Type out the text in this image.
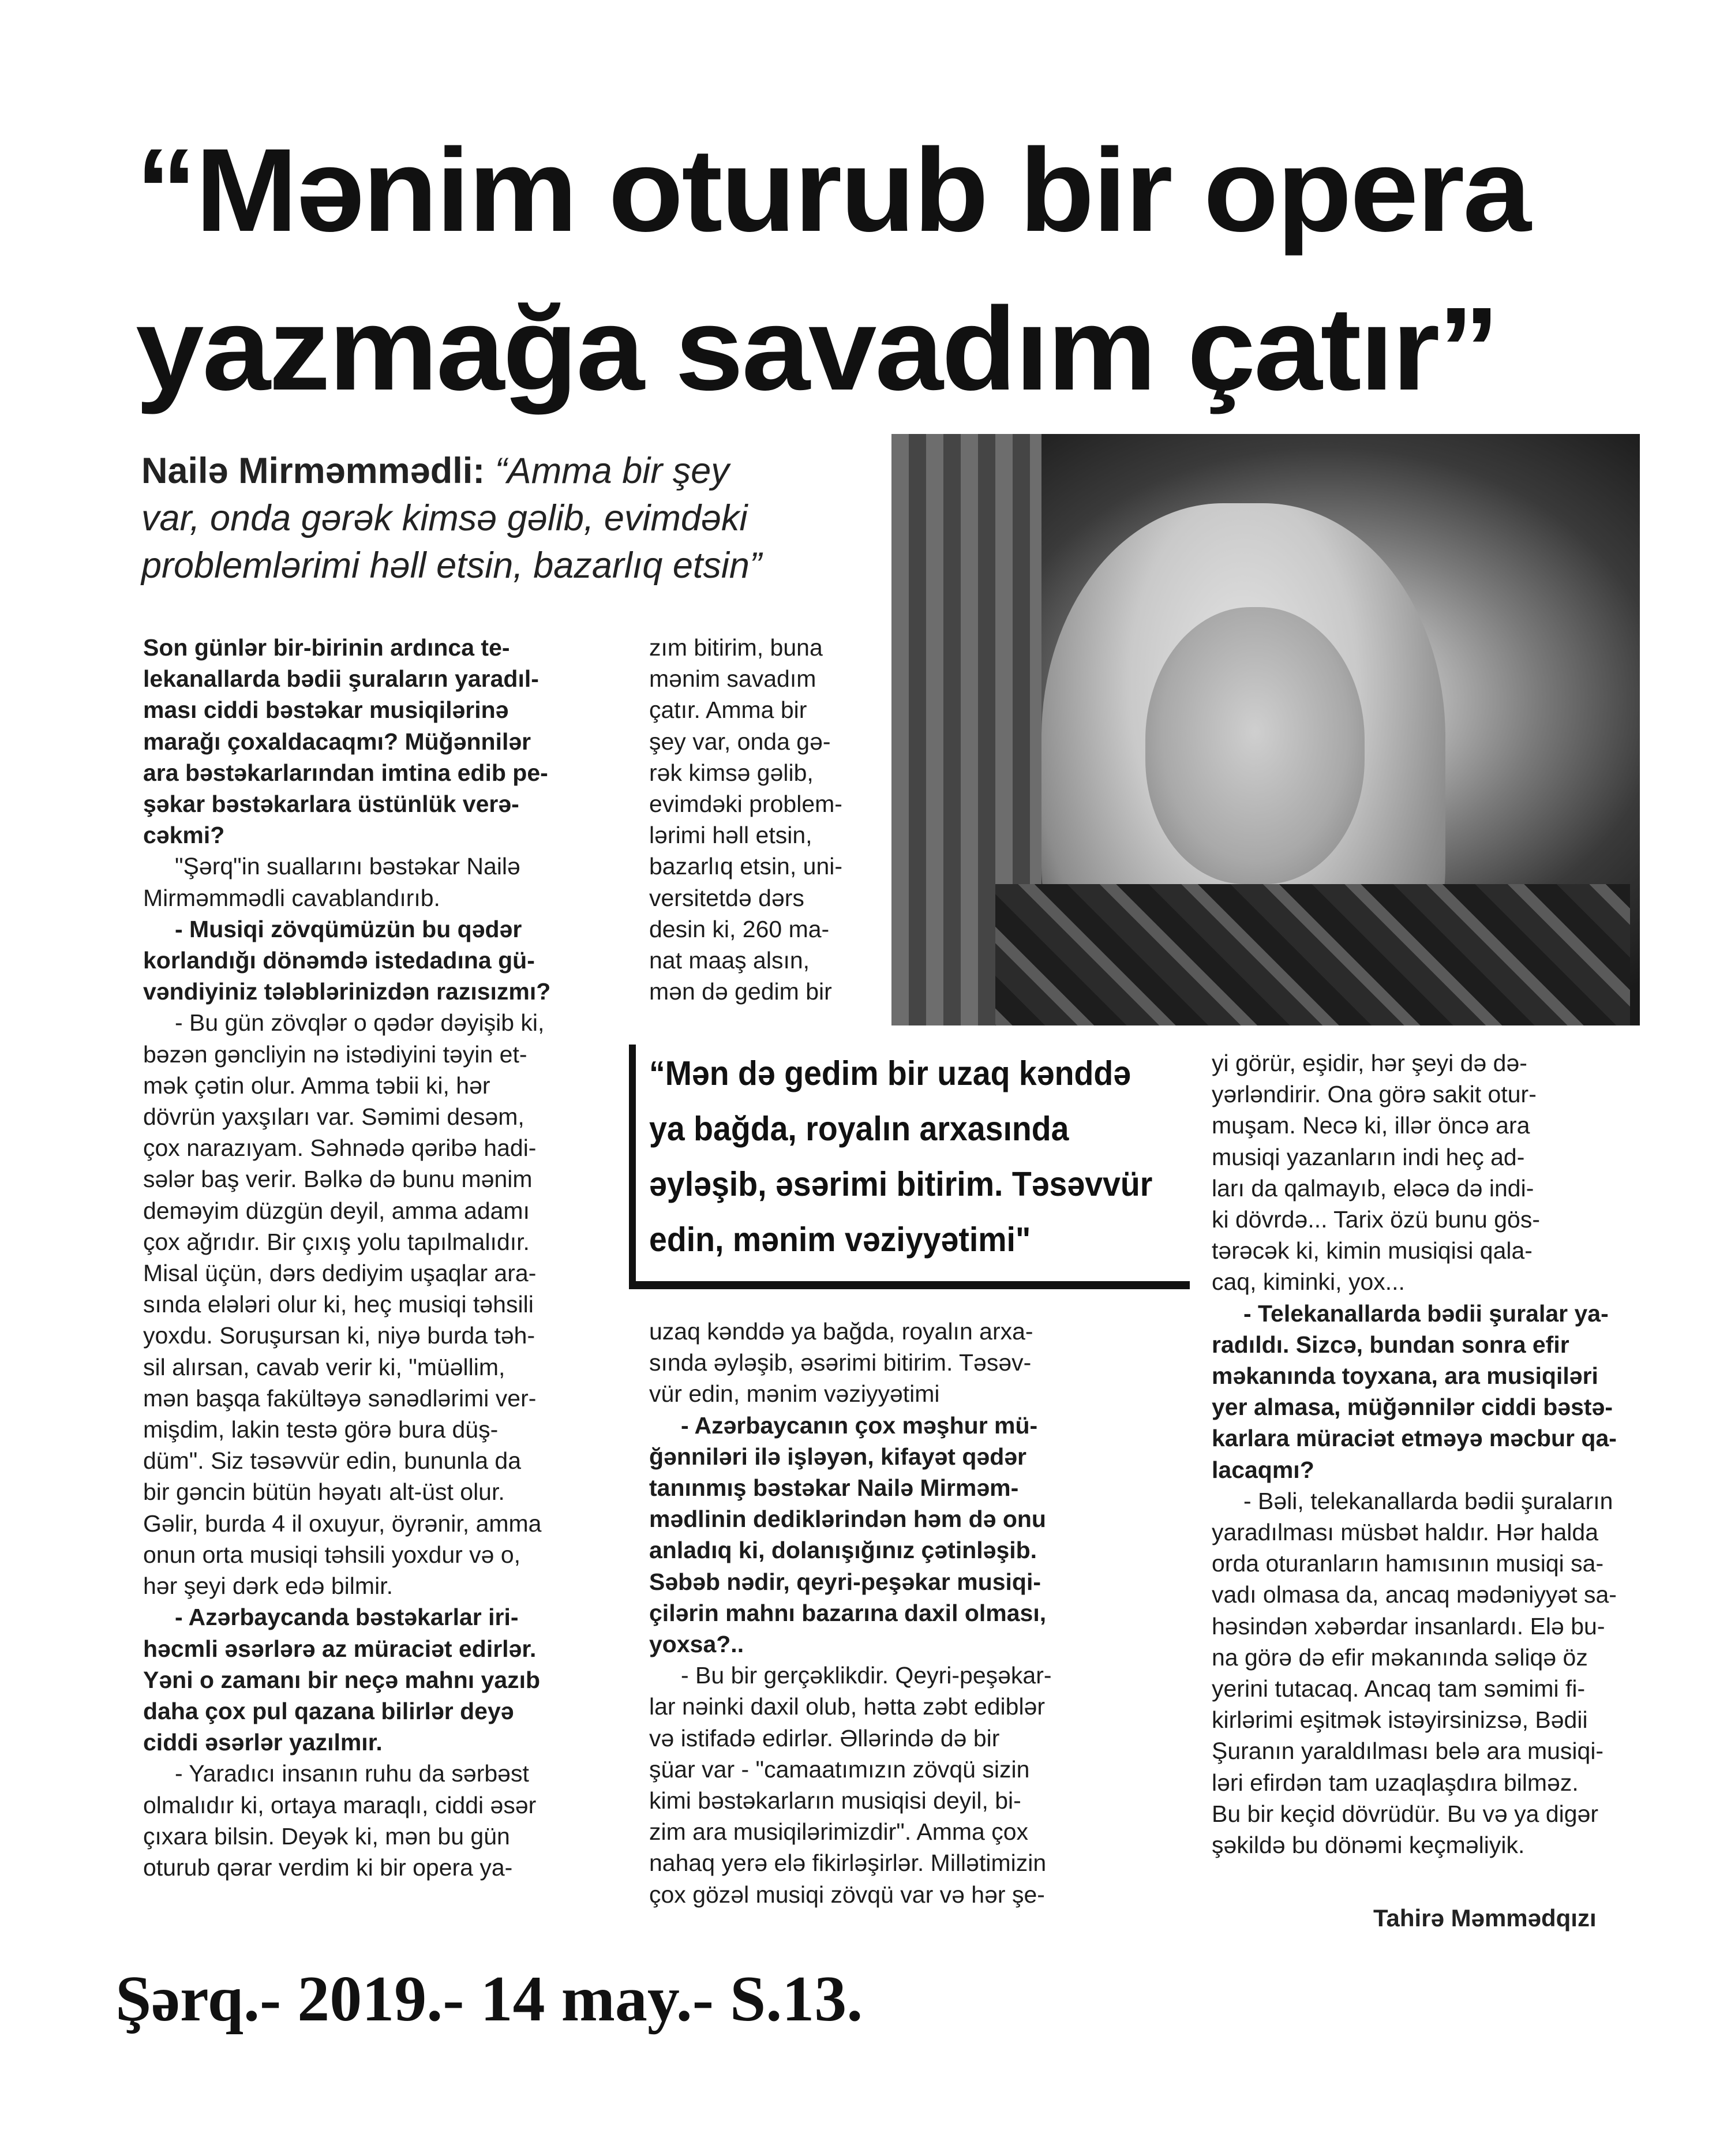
“Mənim oturub bir opera
yazmağa savadım çatır”
Nailə Mirməmmədli: “Amma bir şey
var, onda gərək kimsə gəlib, evimdəki
problemlərimi həll etsin, bazarlıq etsin”

Son günlər bir-birinin ardınca te-

lekanallarda bədii şuraların yaradıl-

ması ciddi bəstəkar musiqilərinə

marağı çoxaldacaqmı? Müğənnilər

ara bəstəkarlarından imtina edib pe-

şəkar bəstəkarlara üstünlük verə-

cəkmi?

"Şərq"in suallarını bəstəkar Nailə

Mirməmmədli cavablandırıb.

- Musiqi zövqümüzün bu qədər

korlandığı dönəmdə istedadına gü-

vəndiyiniz tələblərinizdən razısızmı?

- Bu gün zövqlər o qədər dəyişib ki,

bəzən gəncliyin nə istədiyini təyin et-

mək çətin olur. Amma təbii ki, hər

dövrün yaxşıları var. Səmimi desəm,

çox narazıyam. Səhnədə qəribə hadi-

sələr baş verir. Bəlkə də bunu mənim

deməyim düzgün deyil, amma adamı

çox ağrıdır. Bir çıxış yolu tapılmalıdır.

Misal üçün, dərs dediyim uşaqlar ara-

sında elələri olur ki, heç musiqi təhsili

yoxdu. Soruşursan ki, niyə burda təh-

sil alırsan, cavab verir ki, "müəllim,

mən başqa fakültəyə sənədlərimi ver-

mişdim, lakin testə görə bura düş-

düm". Siz təsəvvür edin, bununla da

bir gəncin bütün həyatı alt-üst olur.

Gəlir, burda 4 il oxuyur, öyrənir, amma

onun orta musiqi təhsili yoxdur və o,

hər şeyi dərk edə bilmir.

- Azərbaycanda bəstəkarlar iri-

həcmli əsərlərə az müraciət edirlər.

Yəni o zamanı bir neçə mahnı yazıb

daha çox pul qazana bilirlər deyə

ciddi əsərlər yazılmır.

- Yaradıcı insanın ruhu da sərbəst

olmalıdır ki, ortaya maraqlı, ciddi əsər

çıxara bilsin. Deyək ki, mən bu gün

oturub qərar verdim ki bir opera ya-

zım bitirim, buna

mənim savadım

çatır. Amma bir

şey var, onda gə-

rək kimsə gəlib,

evimdəki problem-

lərimi həll etsin,

bazarlıq etsin, uni-

versitetdə dərs

desin ki, 260 ma-

nat maaş alsın,

mən də gedim bir

“Mən də gedim bir uzaq kənddə
ya bağda, royalın arxasında
əyləşib, əsərimi bitirim. Təsəvvür
edin, mənim vəziyyətimi"

uzaq kənddə ya bağda, royalın arxa-

sında əyləşib, əsərimi bitirim. Təsəv-

vür edin, mənim vəziyyətimi

- Azərbaycanın çox məşhur mü-

ğənniləri ilə işləyən, kifayət qədər

tanınmış bəstəkar Nailə Mirməm-

mədlinin dediklərindən həm də onu

anladıq ki, dolanışığınız çətinləşib.

Səbəb nədir, qeyri-peşəkar musiqi-

çilərin mahnı bazarına daxil olması,

yoxsa?..

- Bu bir gerçəklikdir. Qeyri-peşəkar-

lar nəinki daxil olub, hətta zəbt ediblər

və istifadə edirlər. Əllərində də bir

şüar var - "camaatımızın zövqü sizin

kimi bəstəkarların musiqisi deyil, bi-

zim ara musiqilərimizdir". Amma çox

nahaq yerə elə fikirləşirlər. Millətimizin

çox gözəl musiqi zövqü var və hər şe-

yi görür, eşidir, hər şeyi də də-

yərləndirir. Ona görə sakit otur-

muşam. Necə ki, illər öncə ara

musiqi yazanların indi heç ad-

ları da qalmayıb, eləcə də indi-

ki dövrdə... Tarix özü bunu gös-

tərəcək ki, kimin musiqisi qala-

caq, kiminki, yox...

- Telekanallarda bədii şuralar ya-

radıldı. Sizcə, bundan sonra efir

məkanında toyxana, ara musiqiləri

yer almasa, müğənnilər ciddi bəstə-

karlara müraciət etməyə məcbur qa-

lacaqmı?

- Bəli, telekanallarda bədii şuraların

yaradılması müsbət haldır. Hər halda

orda oturanların hamısının musiqi sa-

vadı olmasa da, ancaq mədəniyyət sa-

həsindən xəbərdar insanlardı. Elə bu-

na görə də efir məkanında səliqə öz

yerini tutacaq. Ancaq tam səmimi fi-

kirlərimi eşitmək istəyirsinizsə, Bədii

Şuranın yaraldılması belə ara musiqi-

ləri efirdən tam uzaqlaşdıra bilməz.

Bu bir keçid dövrüdür. Bu və ya digər

şəkildə bu dönəmi keçməliyik.

Tahirə Məmmədqızı
Şərq.- 2019.- 14 may.- S.13.
